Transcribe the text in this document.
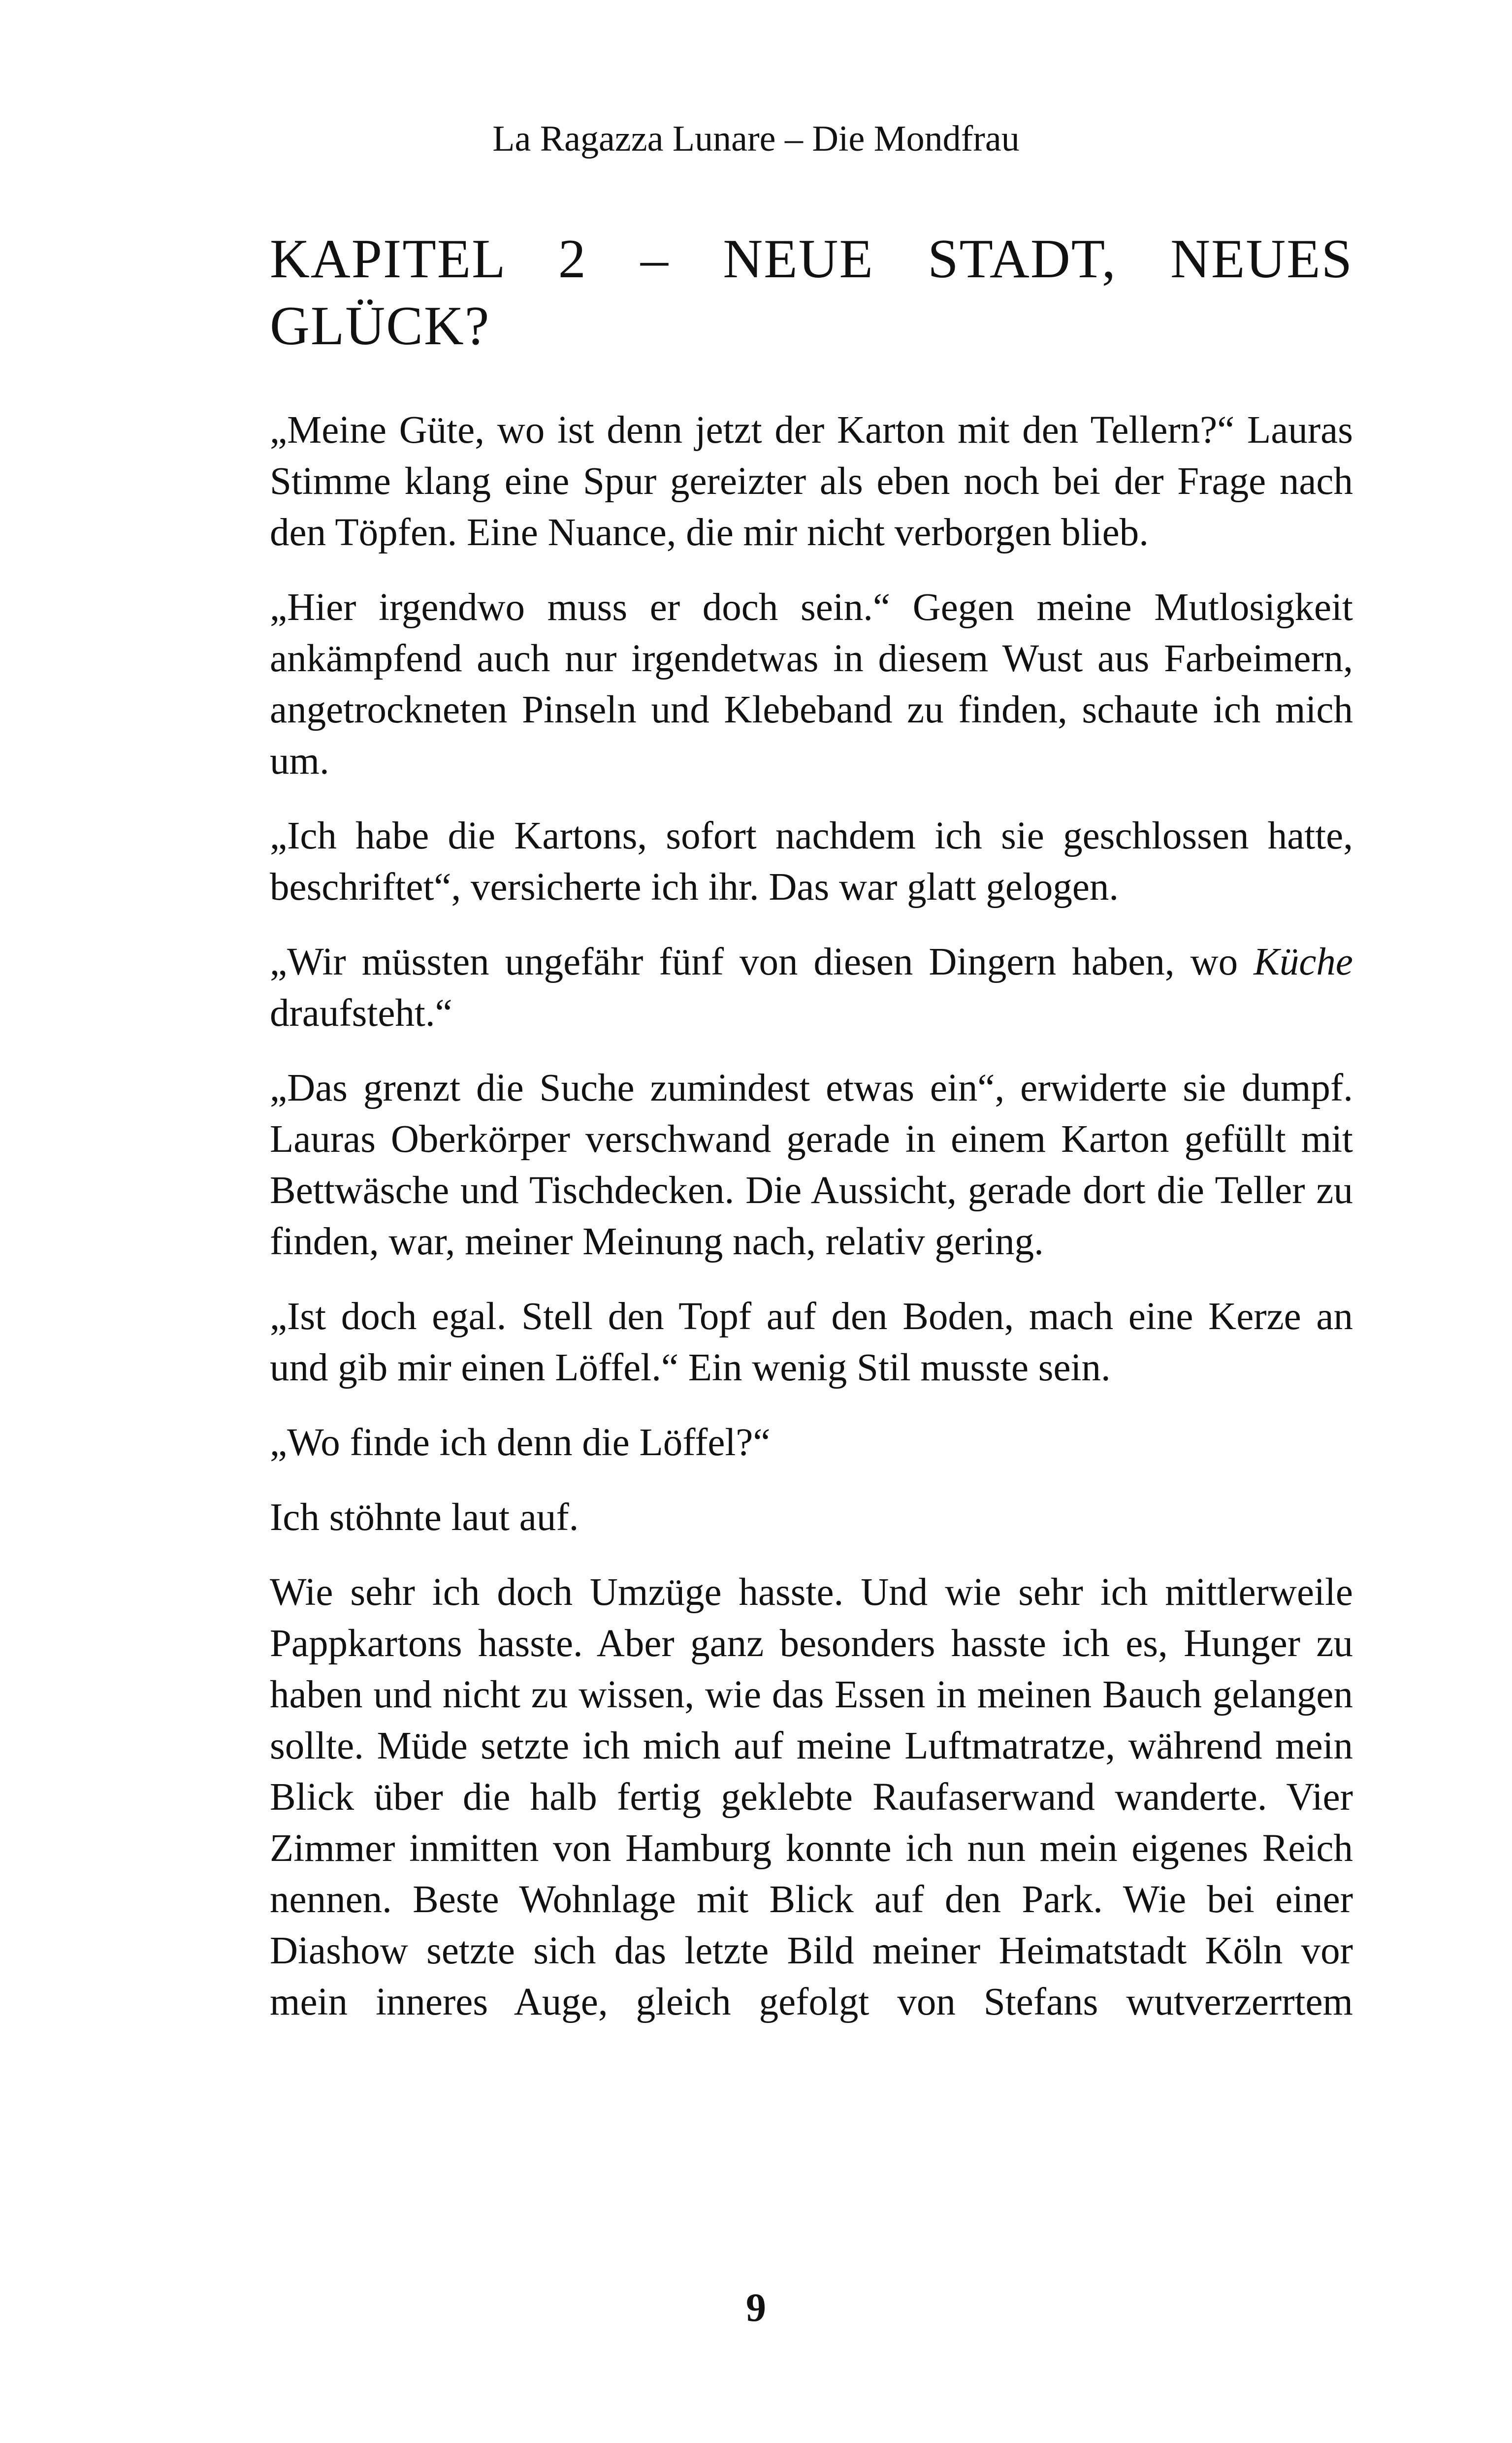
La Ragazza Lunare – Die Mondfrau
KAPITEL 2 – NEUE STADT, NEUES GLÜCK?

„Meine Güte, wo ist denn jetzt der Karton mit den Tellern?“ Lauras Stimme klang eine Spur gereizter als eben noch bei der Frage nach den Töpfen. Eine Nuance, die mir nicht verborgen blieb.

„Hier irgendwo muss er doch sein.“ Gegen meine Mutlosigkeit ankämpfend auch nur irgendetwas in diesem Wust aus Farbeimern, angetrockneten Pinseln und Klebeband zu finden, schaute ich mich um.

„Ich habe die Kartons, sofort nachdem ich sie geschlossen hatte, beschriftet“, versicherte ich ihr. Das war glatt gelogen.

„Wir müssten ungefähr fünf von diesen Dingern haben, wo Küche draufsteht.“

„Das grenzt die Suche zumindest etwas ein“, erwiderte sie dumpf. Lauras Oberkörper verschwand gerade in einem Karton gefüllt mit Bettwäsche und Tischdecken. Die Aussicht, gerade dort die Teller zu finden, war, meiner Meinung nach, relativ gering.

„Ist doch egal. Stell den Topf auf den Boden, mach eine Kerze an und gib mir einen Löffel.“ Ein wenig Stil musste sein.

„Wo finde ich denn die Löffel?“

Ich stöhnte laut auf.

Wie sehr ich doch Umzüge hasste. Und wie sehr ich mittlerweile Pappkartons hasste. Aber ganz besonders hasste ich es, Hunger zu haben und nicht zu wissen, wie das Essen in meinen Bauch gelangen sollte. Müde setzte ich mich auf meine Luftmatratze, während mein Blick über die halb fertig geklebte Raufaserwand wanderte. Vier Zimmer inmitten von Hamburg konnte ich nun mein eigenes Reich nennen. Beste Wohnlage mit Blick auf den Park. Wie bei einer Diashow setzte sich das letzte Bild meiner Heimatstadt Köln vor mein inneres Auge, gleich gefolgt von Stefans wutverzerrtem

9
